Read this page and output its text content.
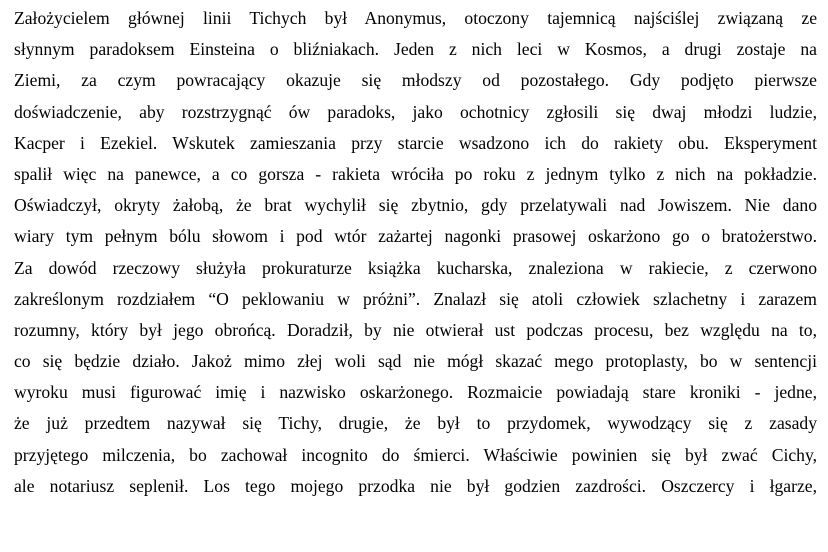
Założycielem głównej linii Tichych był Anonymus, otoczony tajemnicą najściślej związaną ze
słynnym paradoksem Einsteina o bliźniakach. Jeden z nich leci w Kosmos, a drugi zostaje na
Ziemi, za czym powracający okazuje się młodszy od pozostałego. Gdy podjęto pierwsze
doświadczenie, aby rozstrzygnąć ów paradoks, jako ochotnicy zgłosili się dwaj młodzi ludzie,
Kacper i Ezekiel. Wskutek zamieszania przy starcie wsadzono ich do rakiety obu. Eksperyment
spalił więc na panewce, a co gorsza - rakieta wróciła po roku z jednym tylko z nich na pokładzie.
Oświadczył, okryty żałobą, że brat wychylił się zbytnio, gdy przelatywali nad Jowiszem. Nie dano
wiary tym pełnym bólu słowom i pod wtór zażartej nagonki prasowej oskarżono go o bratożerstwo.
Za dowód rzeczowy służyła prokuraturze książka kucharska, znaleziona w rakiecie, z czerwono
zakreślonym rozdziałem “O peklowaniu w próżni”. Znalazł się atoli człowiek szlachetny i zarazem
rozumny, który był jego obrońcą. Doradził, by nie otwierał ust podczas procesu, bez względu na to,
co się będzie działo. Jakoż mimo złej woli sąd nie mógł skazać mego protoplasty, bo w sentencji
wyroku musi figurować imię i nazwisko oskarżonego. Rozmaicie powiadają stare kroniki - jedne,
że już przedtem nazywał się Tichy, drugie, że był to przydomek, wywodzący się z zasady
przyjętego milczenia, bo zachował incognito do śmierci. Właściwie powinien się był zwać Cichy,
ale notariusz seplenił. Los tego mojego przodka nie był godzien zazdrości. Oszczercy i łgarze,
